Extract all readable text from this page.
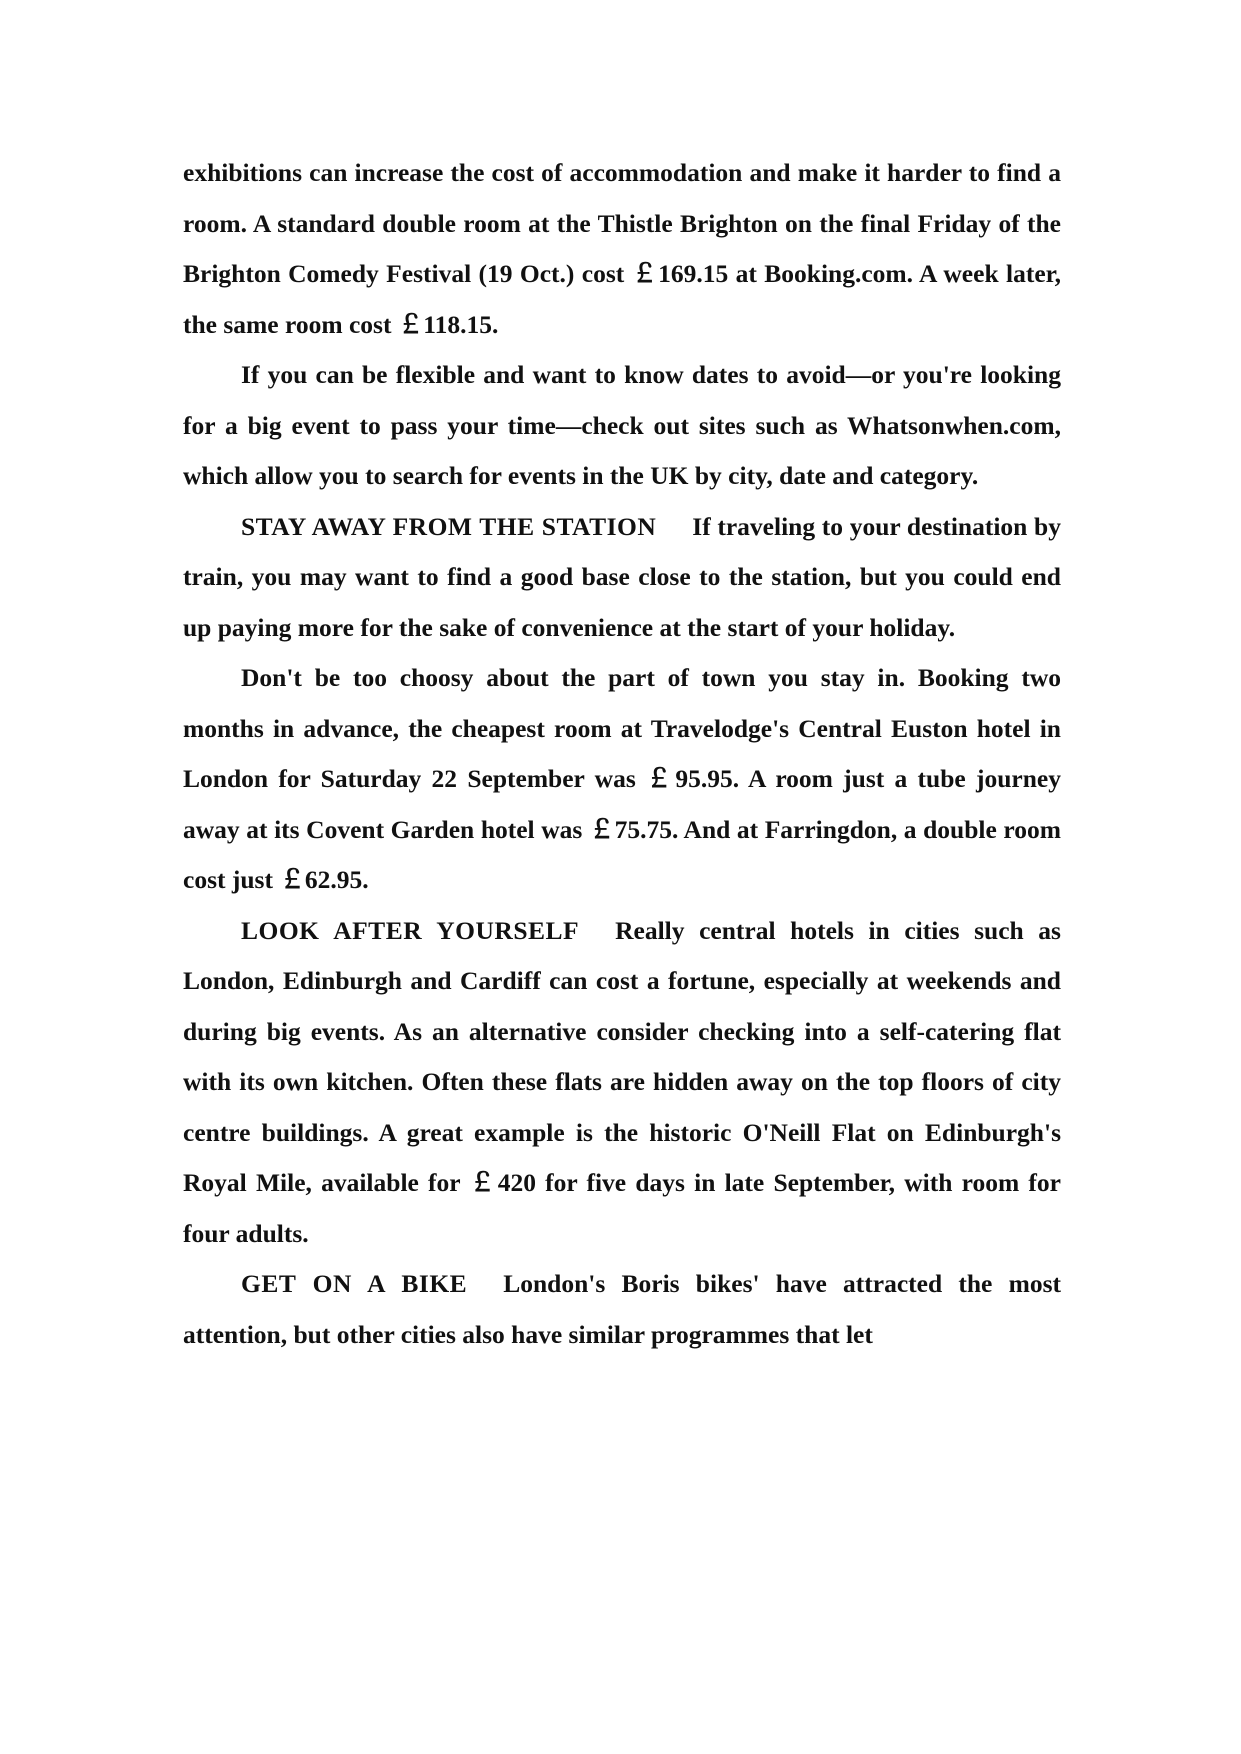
exhibitions can increase the cost of accommodation and make it harder to find a room. A standard double room at the Thistle Brighton on the final Friday of the Brighton Comedy Festival (19 Oct.) cost ￡169.15 at Booking.com. A week later, the same room cost ￡118.15.

If you can be flexible and want to know dates to avoid—or you're looking for a big event to pass your time—check out sites such as Whatsonwhen.com, which allow you to search for events in the UK by city, date and category.

STAY AWAY FROM THE STATION If traveling to your destination by train, you may want to find a good base close to the station, but you could end up paying more for the sake of convenience at the start of your holiday.

Don't be too choosy about the part of town you stay in. Booking two months in advance, the cheapest room at Travelodge's Central Euston hotel in London for Saturday 22 September was ￡95.95. A room just a tube journey away at its Covent Garden hotel was ￡75.75. And at Farringdon, a double room cost just ￡62.95.

LOOK AFTER YOURSELF Really central hotels in cities such as London, Edinburgh and Cardiff can cost a fortune, especially at weekends and during big events. As an alternative consider checking into a self-catering flat with its own kitchen. Often these flats are hidden away on the top floors of city centre buildings. A great example is the historic O'Neill Flat on Edinburgh's Royal Mile, available for ￡420 for five days in late September, with room for four adults.

GET ON A BIKE London's Boris bikes' have attracted the most attention, but other cities also have similar programmes that let
